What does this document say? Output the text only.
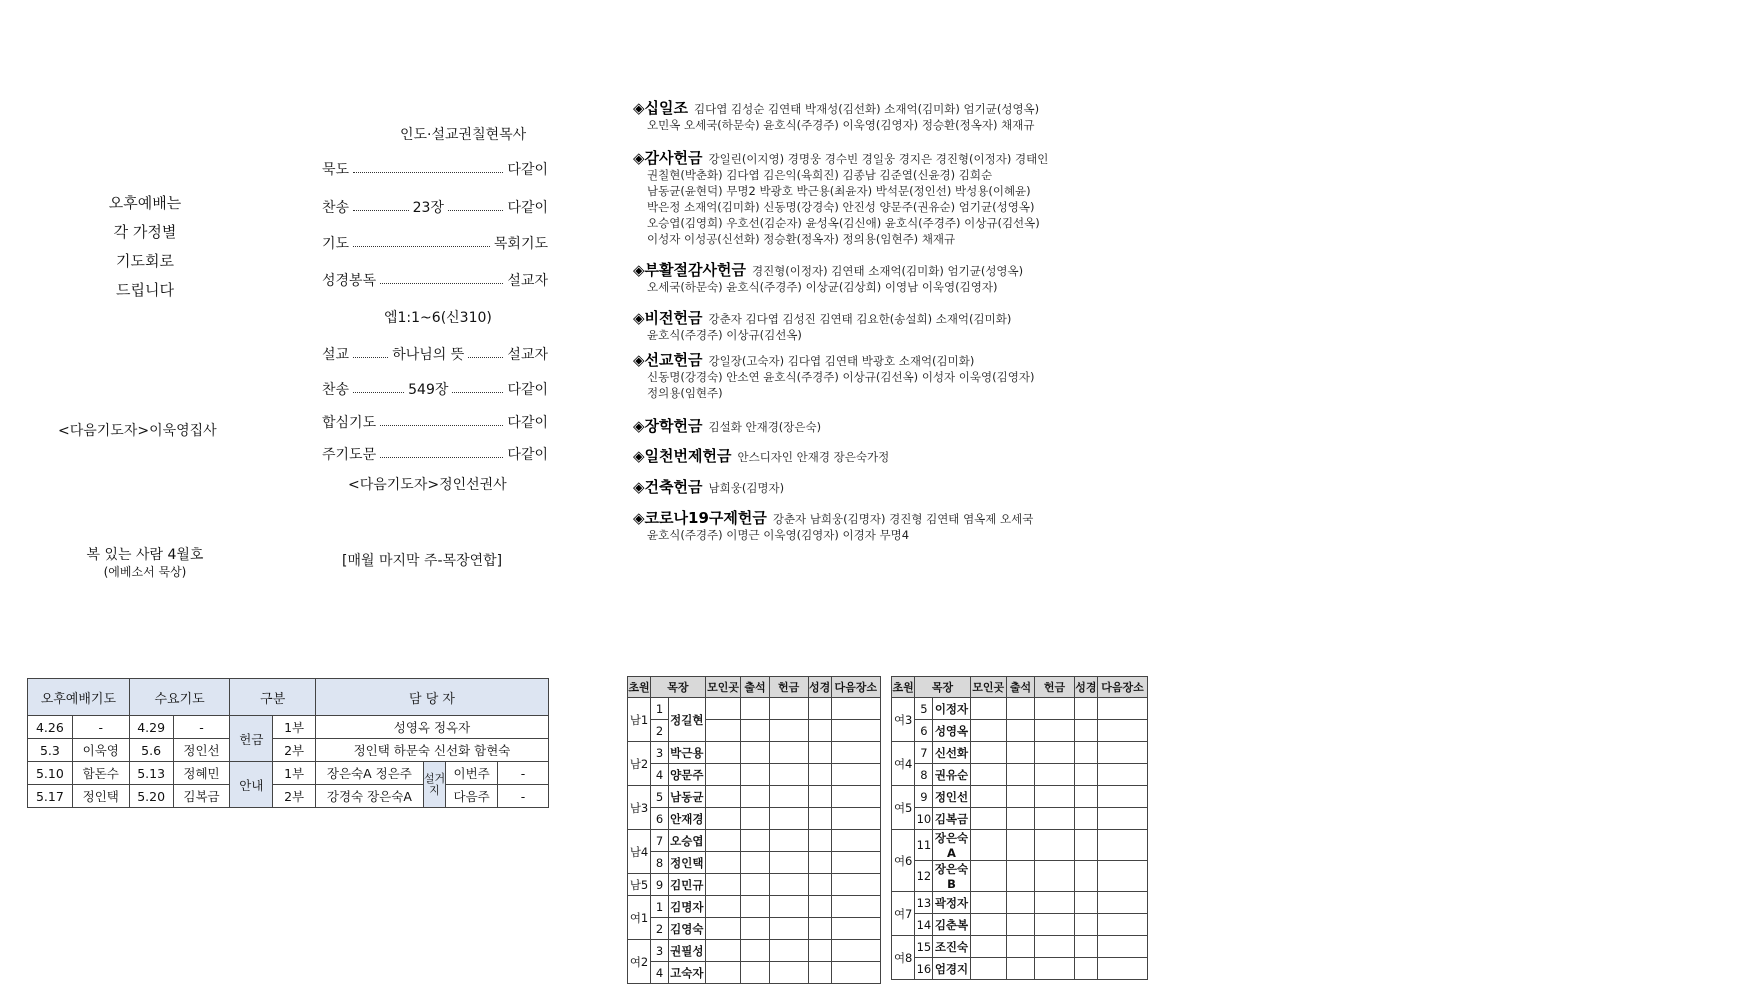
오후예배는
각 가정별
기도회로
드립니다
<다음기도자>이욱영집사
복 있는 사람 4월호
(에베소서 묵상)
인도·설교권칠현목사
묵도	다같이
찬송	23장	다같이
기도	목회기도
성경봉독	설교자
엡1:1~6(신310)
설교	하나님의 뜻	설교자
찬송	549장	다같이
합심기도	다같이
주기도문	다같이
<다음기도자>정인선권사
[매월 마지막 주-목장연합]
◈십일조 김다엽 김성순 김연태 박재성(김선화) 소재억(김미화) 엄기균(성영옥)
오민옥 오세국(하문숙) 윤호식(주경주) 이욱영(김영자) 정승환(정옥자) 채재규
◈감사헌금 강일린(이지영) 경명웅 경수빈 경일웅 경지은 경진형(이정자) 경태인
권칠현(박춘화) 김다엽 김은익(육희진) 김종남 김준열(신윤경) 김희순
남동균(윤현덕) 무명2 박광호 박근용(최윤자) 박석문(정인선) 박성용(이혜윤)
박은정 소재억(김미화) 신동명(강경숙) 안진성 양문주(권유순) 엄기균(성영옥)
오승엽(김영희) 우호선(김순자) 윤성옥(김신애) 윤호식(주경주) 이상규(김선옥)
이성자 이성공(신선화) 정승환(정옥자) 정의용(임현주) 채재규
◈부활절감사헌금 경진형(이정자) 김연태 소재억(김미화) 엄기균(성영옥)
오세국(하문숙) 윤호식(주경주) 이상균(김상희) 이영남 이욱영(김영자)
◈비전헌금 강춘자 김다엽 김성진 김연태 김요한(송설희) 소재억(김미화)
윤호식(주경주) 이상규(김선옥)
◈선교헌금 강일장(고숙자) 김다엽 김연태 박광호 소재억(김미화)
신동명(강경숙) 안소연 윤호식(주경주) 이상규(김선옥) 이성자 이욱영(김영자)
정의용(임현주)
◈장학헌금 김설화 안재경(장은숙)
◈일천번제헌금 안스디자인 안재경 장은숙가정
◈건축헌금 남희웅(김명자)
◈코로나19구제헌금 강춘자 남희웅(김명자) 경진형 김연태 염옥제 오세국
윤호식(주경주) 이명근 이욱영(김영자) 이경자 무명4
오후예배기도		수요기도		구분		담 당 자			
4.26	-	4.29	-	헌금	1부	성영옥 정옥자			
5.3	이욱영	5.6	정인선		2부	정인택 하문숙 신선화 함현숙			
5.10	함돈수	5.13	정혜민	안내	1부	장은숙A 정은주	설거지	이번주	-
5.17	정인택	5.20	김복금		2부	강경숙 장은숙A		다음주	-
초원	목장		모인곳	출석	헌금	성경	다음장소
남1	1	정길현					
	2						
남2	3	박근용					
	4	양문주					
남3	5	남동균					
	6	안재경					
남4	7	오승엽					
	8	정인택					
남5	9	김민규					
여1	1	김명자					
	2	김영숙					
여2	3	권필성					
	4	고숙자					
초원	목장		모인곳	출석	헌금	성경	다음장소
여3	5	이정자					
	6	성영옥					
여4	7	신선화					
	8	권유순					
여5	9	정인선					
	10	김복금					
여6	11	장은숙A					
	12	장은숙B					
여7	13	곽정자					
	14	김춘복					
여8	15	조진숙					
	16	엄경지					
